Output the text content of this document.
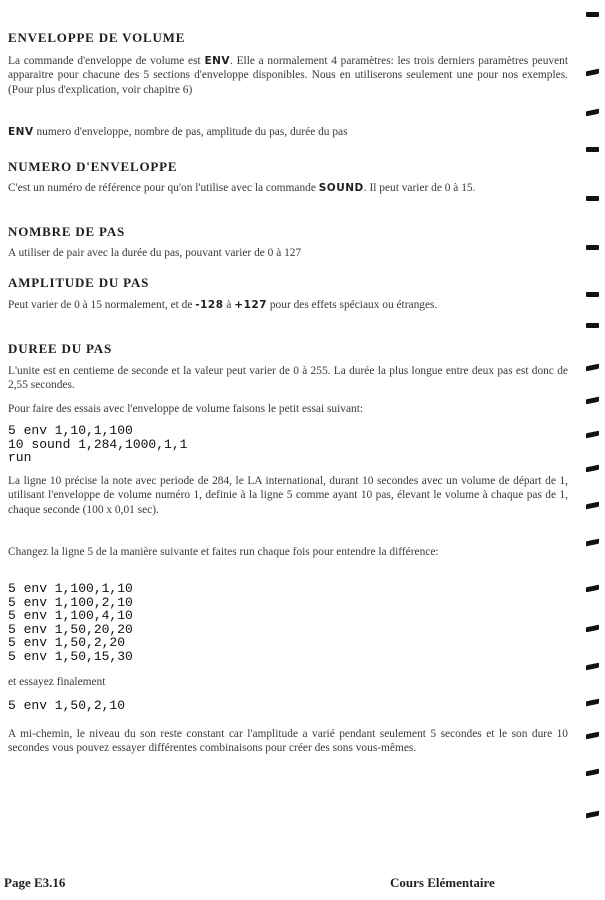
ENVELOPPE DE VOLUME

La commande d'enveloppe de volume est ENV. Elle a normalement 4 paramètres: les trois derniers paramètres peuvent apparaitre pour chacune des 5 sections d'enveloppe disponibles. Nous en utiliserons seulement une pour nos exemples. (Pour plus d'explication, voir chapitre 6)

ENV numero d'enveloppe, nombre de pas, amplitude du pas, durée du pas

NUMERO D'ENVELOPPE

C'est un numéro de référence pour qu'on l'utilise avec la commande SOUND. Il peut varier de 0 à 15.

NOMBRE DE PAS

A utiliser de pair avec la durée du pas, pouvant varier de 0 à 127

AMPLITUDE DU PAS

Peut varier de 0 à 15 normalement, et de -128 à +127 pour des effets spéciaux ou étranges.

DUREE DU PAS

L'unite est en centieme de seconde et la valeur peut varier de 0 à 255. La durée la plus longue entre deux pas est donc de 2,55 secondes.

Pour faire des essais avec l'enveloppe de volume faisons le petit essai suivant:

5 env 1,10,1,100
10 sound 1,284,1000,1,1
run

La ligne 10 précise la note avec periode de 284, le LA international, durant 10 secondes avec un volume de départ de 1, utilisant l'enveloppe de volume numéro 1, definie à la ligne 5 comme ayant 10 pas, élevant le volume à chaque pas de 1, chaque seconde (100 x 0,01 sec).

Changez la ligne 5 de la manière suivante et faites run chaque fois pour entendre la différence:

5 env 1,100,1,10
5 env 1,100,2,10
5 env 1,100,4,10
5 env 1,50,20,20
5 env 1,50,2,20
5 env 1,50,15,30

et essayez finalement

5 env 1,50,2,10

A mi-chemin, le niveau du son reste constant car l'amplitude a varié pendant seulement 5 secondes et le son dure 10 secondes vous pouvez essayer différentes combinaisons pour créer des sons vous-mêmes.

Page E3.16	Cours Elémentaire
